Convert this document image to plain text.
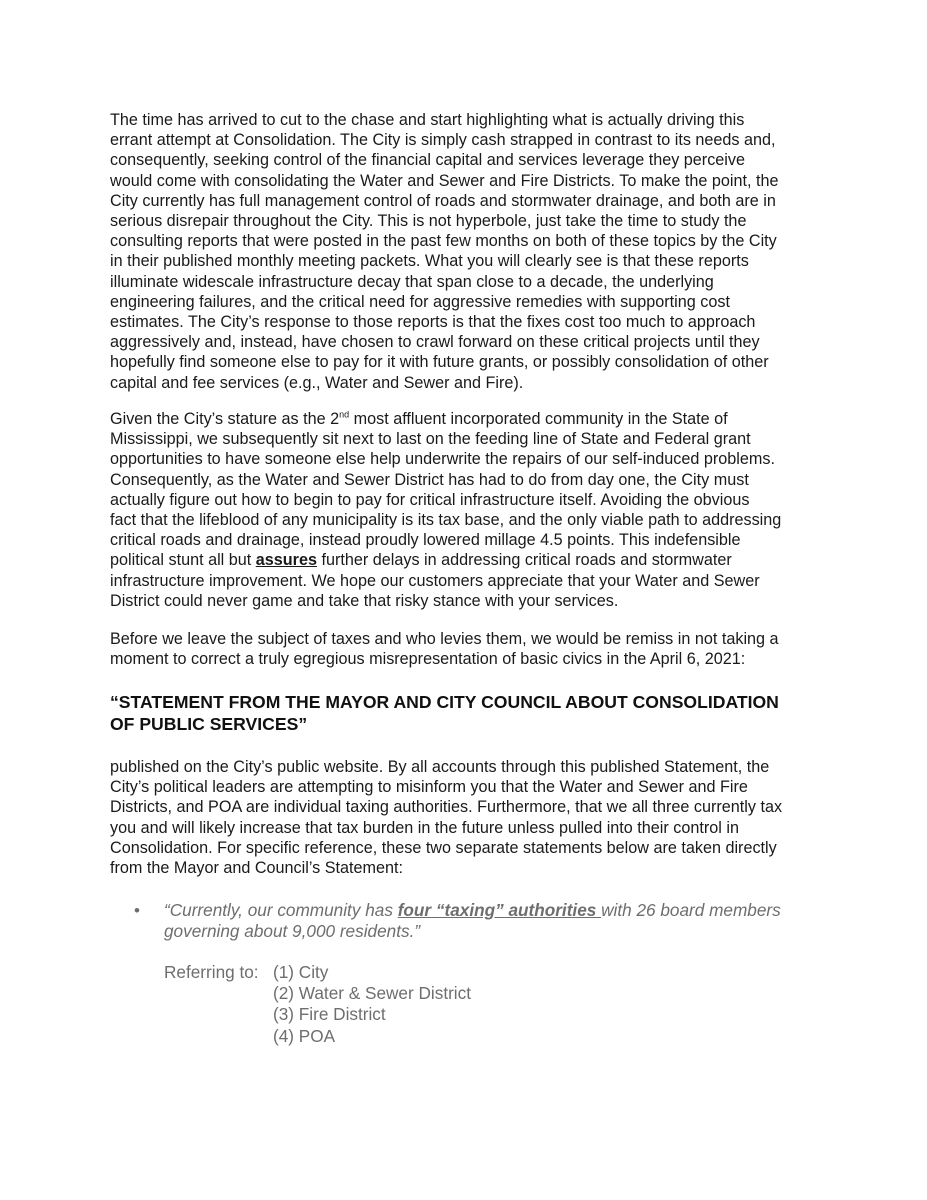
The time has arrived to cut to the chase and start highlighting what is actually driving this
errant attempt at Consolidation. The City is simply cash strapped in contrast to its needs and,
consequently, seeking control of the financial capital and services leverage they perceive
would come with consolidating the Water and Sewer and Fire Districts. To make the point, the
City currently has full management control of roads and stormwater drainage, and both are in
serious disrepair throughout the City. This is not hyperbole, just take the time to study the
consulting reports that were posted in the past few months on both of these topics by the City
in their published monthly meeting packets. What you will clearly see is that these reports
illuminate widescale infrastructure decay that span close to a decade, the underlying
engineering failures, and the critical need for aggressive remedies with supporting cost
estimates. The City’s response to those reports is that the fixes cost too much to approach
aggressively and, instead, have chosen to crawl forward on these critical projects until they
hopefully find someone else to pay for it with future grants, or possibly consolidation of other
capital and fee services (e.g., Water and Sewer and Fire).
Given the City’s stature as the 2nd most affluent incorporated community in the State of
Mississippi, we subsequently sit next to last on the feeding line of State and Federal grant
opportunities to have someone else help underwrite the repairs of our self-induced problems.
Consequently, as the Water and Sewer District has had to do from day one, the City must
actually figure out how to begin to pay for critical infrastructure itself. Avoiding the obvious
fact that the lifeblood of any municipality is its tax base, and the only viable path to addressing
critical roads and drainage, instead proudly lowered millage 4.5 points. This indefensible
political stunt all but assures further delays in addressing critical roads and stormwater
infrastructure improvement. We hope our customers appreciate that your Water and Sewer
District could never game and take that risky stance with your services.
Before we leave the subject of taxes and who levies them, we would be remiss in not taking a
moment to correct a truly egregious misrepresentation of basic civics in the April 6, 2021:
“STATEMENT FROM THE MAYOR AND CITY COUNCIL ABOUT CONSOLIDATION
OF PUBLIC SERVICES”
published on the City’s public website. By all accounts through this published Statement, the
City’s political leaders are attempting to misinform you that the Water and Sewer and Fire
Districts, and POA are individual taxing authorities. Furthermore, that we all three currently tax
you and will likely increase that tax burden in the future unless pulled into their control in
Consolidation. For specific reference, these two separate statements below are taken directly
from the Mayor and Council’s Statement:
• “Currently, our community has four “taxing” authorities with 26 board members
governing about 9,000 residents.”
Referring to: (1) City
(2) Water & Sewer District
(3) Fire District
(4) POA
